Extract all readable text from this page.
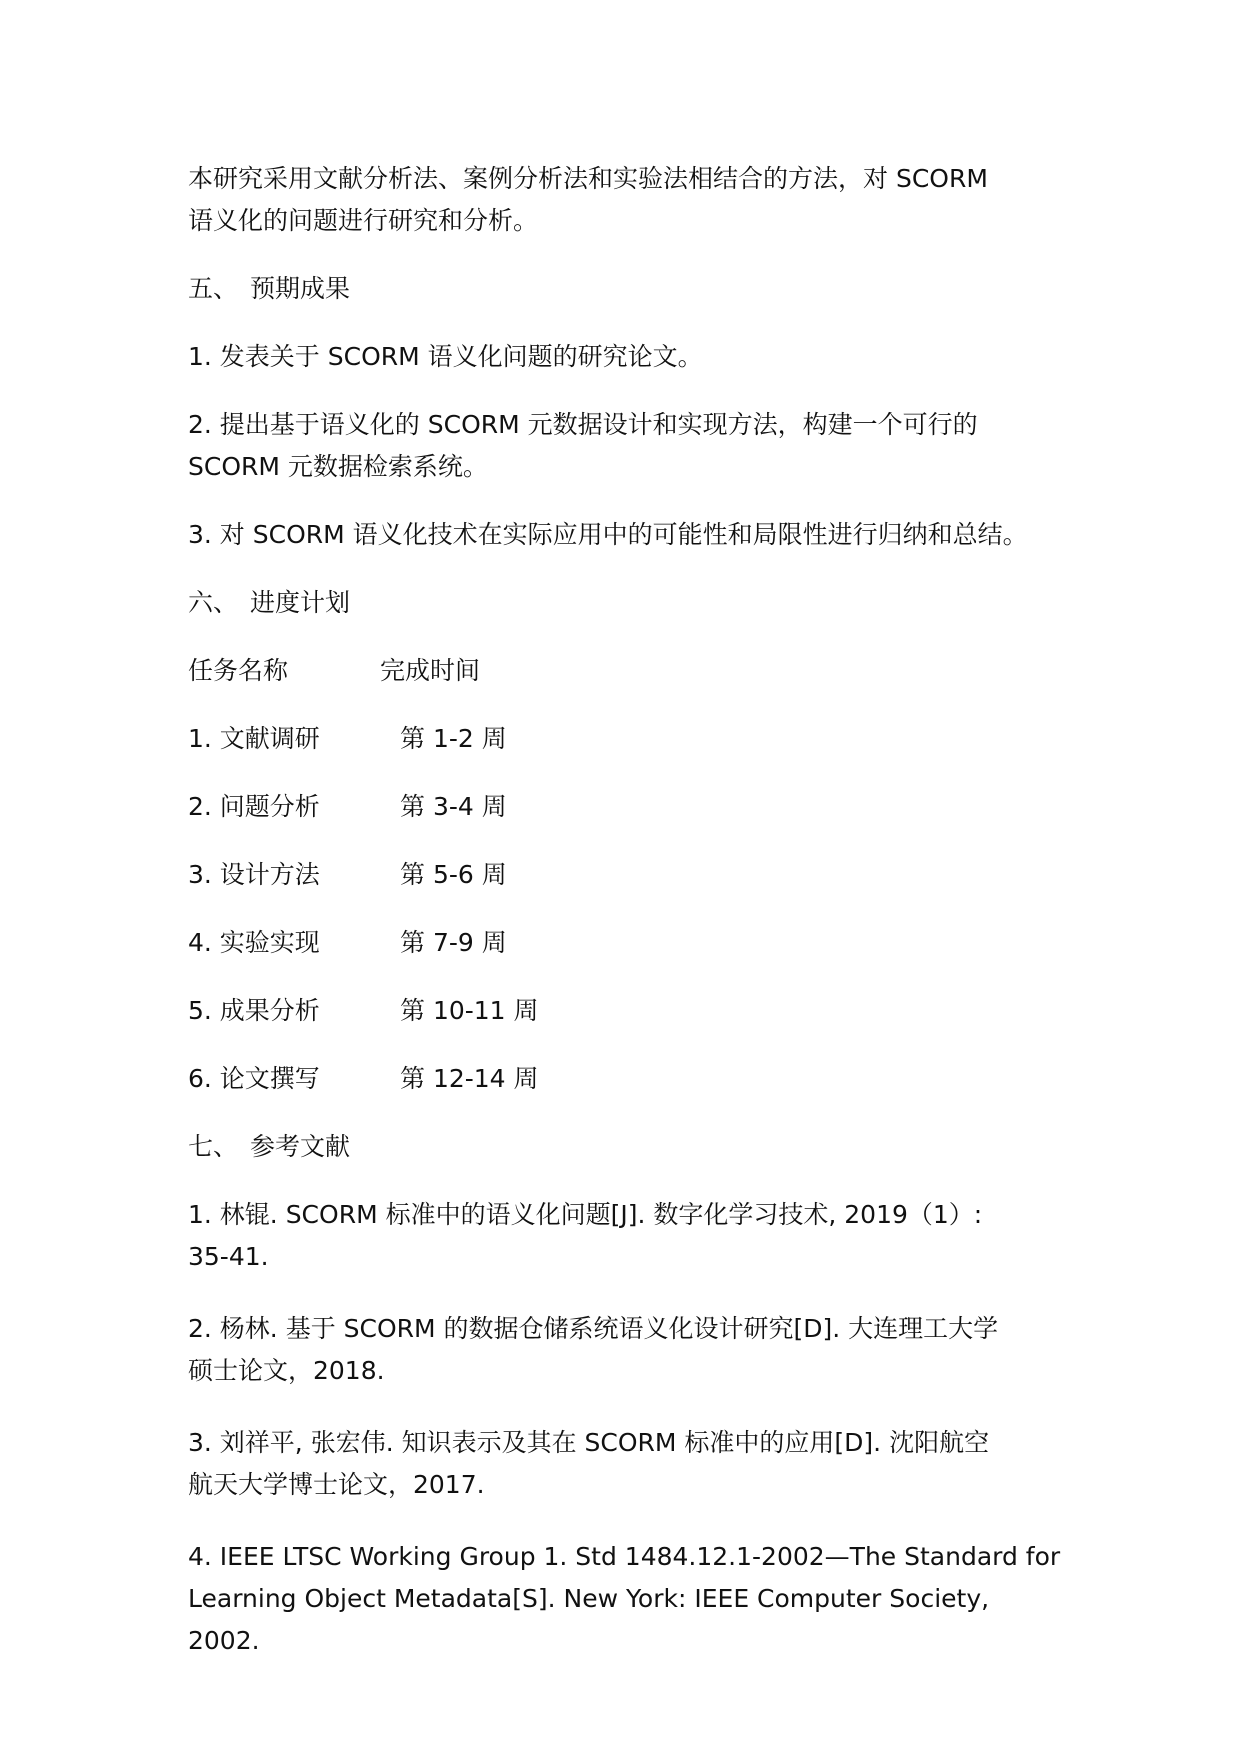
本研究采用文献分析法、案例分析法和实验法相结合的方法，对 SCORM
语义化的问题进行研究和分析。

五、 预期成果

1. 发表关于 SCORM 语义化问题的研究论文。

2. 提出基于语义化的 SCORM 元数据设计和实现方法，构建一个可行的
SCORM 元数据检索系统。

3. 对 SCORM 语义化技术在实际应用中的可能性和局限性进行归纳和总结。

六、 进度计划
任务名称	完成时间
1. 文献调研	第 1-2 周
2. 问题分析	第 3-4 周
3. 设计方法	第 5-6 周
4. 实验实现	第 7-9 周
5. 成果分析	第 10-11 周
6. 论文撰写	第 12-14 周
七、 参考文献

1. 林锟. SCORM 标准中的语义化问题[J]. 数字化学习技术, 2019（1）:
35-41.

2. 杨林. 基于 SCORM 的数据仓储系统语义化设计研究[D]. 大连理工大学
硕士论文，2018.

3. 刘祥平, 张宏伟. 知识表示及其在 SCORM 标准中的应用[D]. 沈阳航空
航天大学博士论文，2017.

4. IEEE LTSC Working Group 1. Std 1484.12.1-2002—The Standard for
Learning Object Metadata[S]. New York: IEEE Computer Society, 2002.
